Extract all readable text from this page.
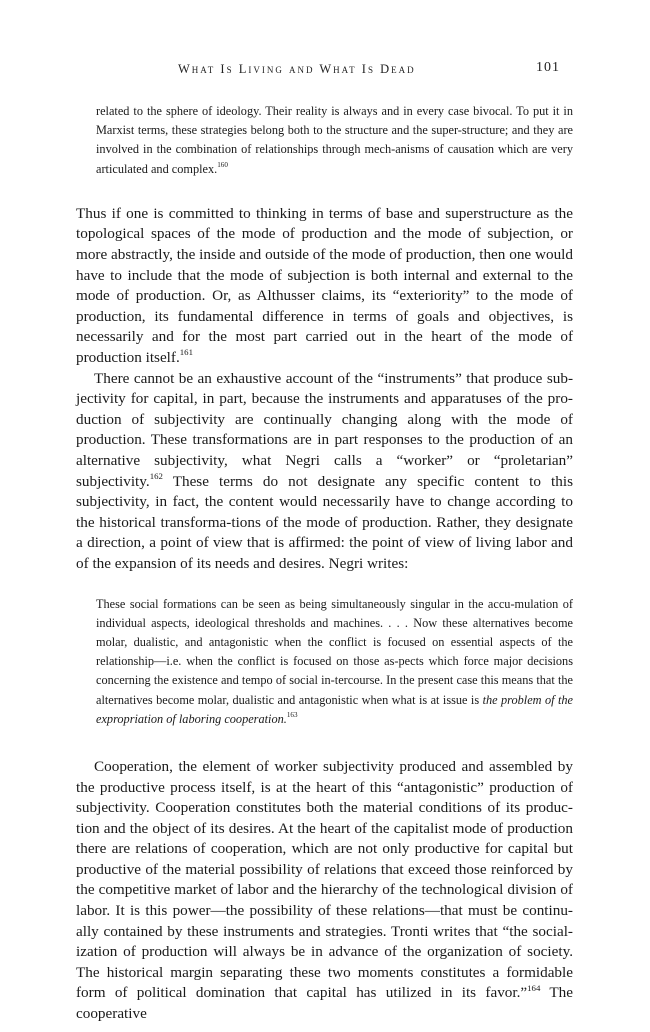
What Is Living and What Is Dead	101
related to the sphere of ideology. Their reality is always and in every case bivocal. To put it in Marxist terms, these strategies belong both to the structure and the super-structure; and they are involved in the combination of relationships through mech-anisms of causation which are very articulated and complex.$^{160}$

Thus if one is committed to thinking in terms of base and superstructure as the topological spaces of the mode of production and the mode of subjection, or more abstractly, the inside and outside of the mode of production, then one would have to include that the mode of subjection is both internal and external to the mode of production. Or, as Althusser claims, its “exteriority” to the mode of production, its fundamental difference in terms of goals and objectives, is necessarily and for the most part carried out in the heart of the mode of production itself.$^{161}$

There cannot be an exhaustive account of the “instruments” that produce sub-jectivity for capital, in part, because the instruments and apparatuses of the pro-duction of subjectivity are continually changing along with the mode of production. These transformations are in part responses to the production of an alternative subjectivity, what Negri calls a “worker” or “proletarian” subjectivity.$^{162}$ These terms do not designate any specific content to this subjectivity, in fact, the content would necessarily have to change according to the historical transforma-tions of the mode of production. Rather, they designate a direction, a point of view that is affirmed: the point of view of living labor and of the expansion of its needs and desires. Negri writes:

These social formations can be seen as being simultaneously singular in the accu-mulation of individual aspects, ideological thresholds and machines. . . . Now these alternatives become molar, dualistic, and antagonistic when the conflict is focused on essential aspects of the relationship—i.e. when the conflict is focused on those as-pects which force major decisions concerning the existence and tempo of social in-tercourse. In the present case this means that the alternatives become molar, dualistic and antagonistic when what is at issue is the problem of the expropriation of laboring cooperation.$^{163}$

Cooperation, the element of worker subjectivity produced and assembled by the productive process itself, is at the heart of this “antagonistic” production of subjectivity. Cooperation constitutes both the material conditions of its produc-tion and the object of its desires. At the heart of the capitalist mode of production there are relations of cooperation, which are not only productive for capital but productive of the material possibility of relations that exceed those reinforced by the competitive market of labor and the hierarchy of the technological division of labor. It is this power—the possibility of these relations—that must be continu-ally contained by these instruments and strategies. Tronti writes that “the social-ization of production will always be in advance of the organization of society. The historical margin separating these two moments constitutes a formidable form of political domination that capital has utilized in its favor.”$^{164}$ The cooperative
